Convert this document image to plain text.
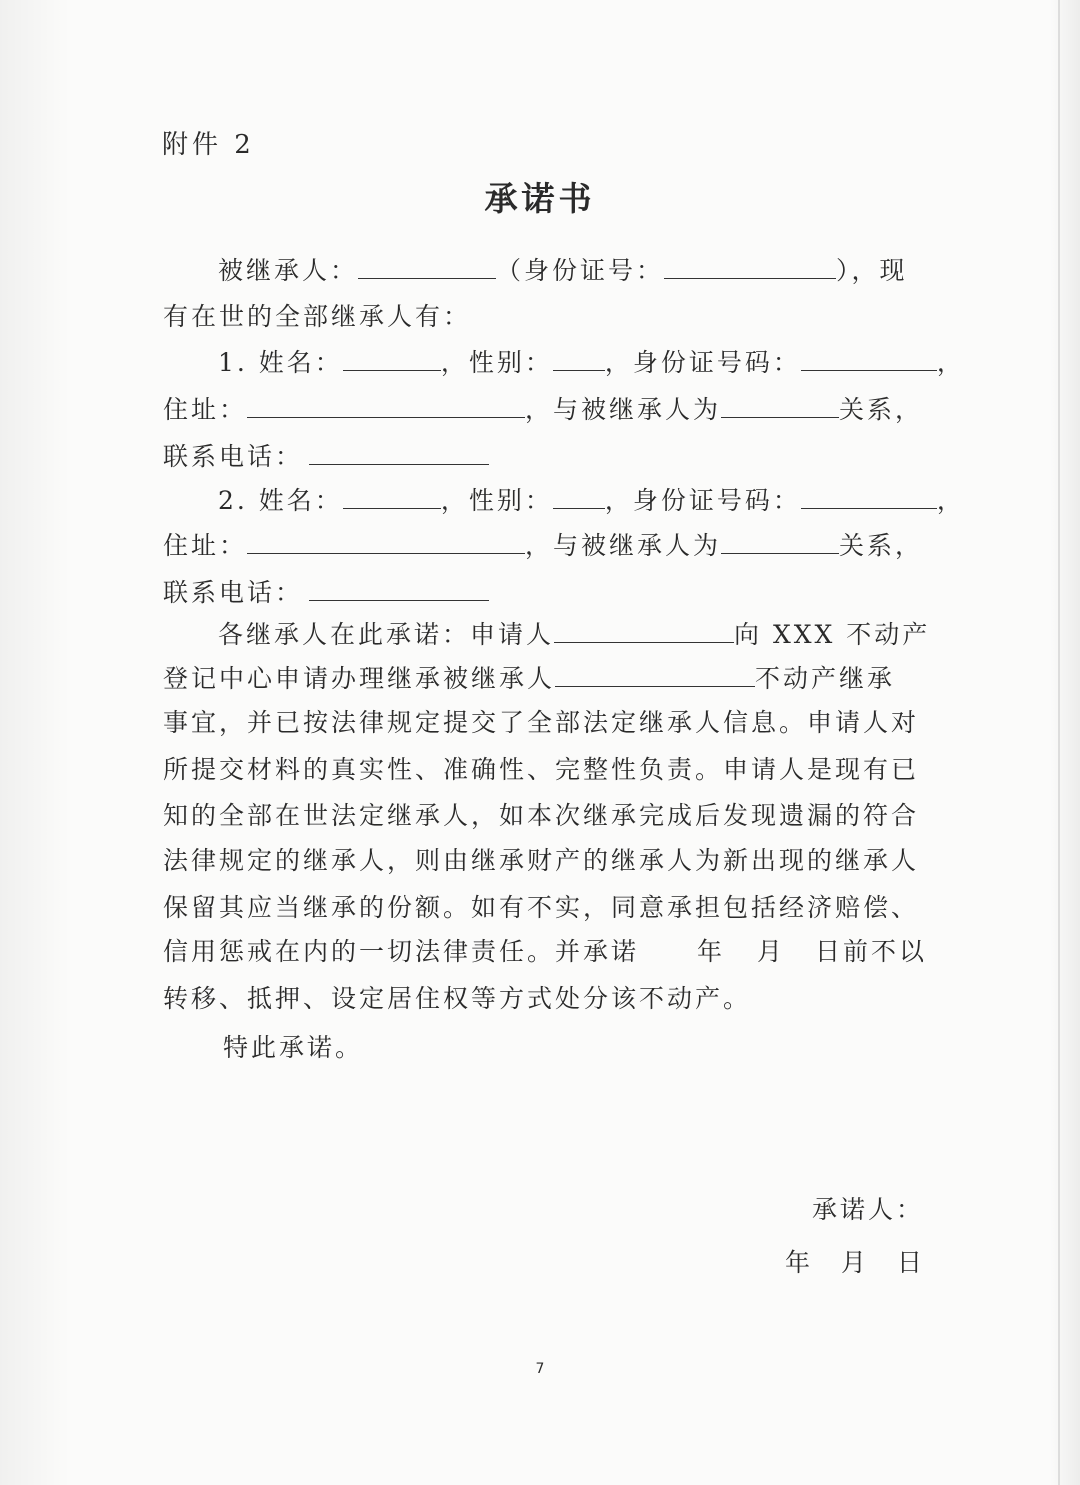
附件 2
承诺书
被继承人：	（身份证号：	），现
有在世的全部继承人有：
1. 姓名：	，性别： ，身份证号码：	，
住址：	，与被继承人为	关系，
联系电话：
2. 姓名：	，性别： ，身份证号码：	，
住址：	，与被继承人为	关系，
联系电话：
各继承人在此承诺：申请人	向 XXX 不动产
登记中心申请办理继承被继承人	不动产继承
事宜，并已按法律规定提交了全部法定继承人信息。申请人对
所提交材料的真实性、准确性、完整性负责。申请人是现有已
知的全部在世法定继承人，如本次继承完成后发现遗漏的符合
法律规定的继承人，则由继承财产的继承人为新出现的继承人
保留其应当继承的份额。如有不实，同意承担包括经济赔偿、
信用惩戒在内的一切法律责任。并承诺 年 月 日前不以
转移、抵押、设定居住权等方式处分该不动产。
特此承诺。
承诺人：
年 月 日
7
